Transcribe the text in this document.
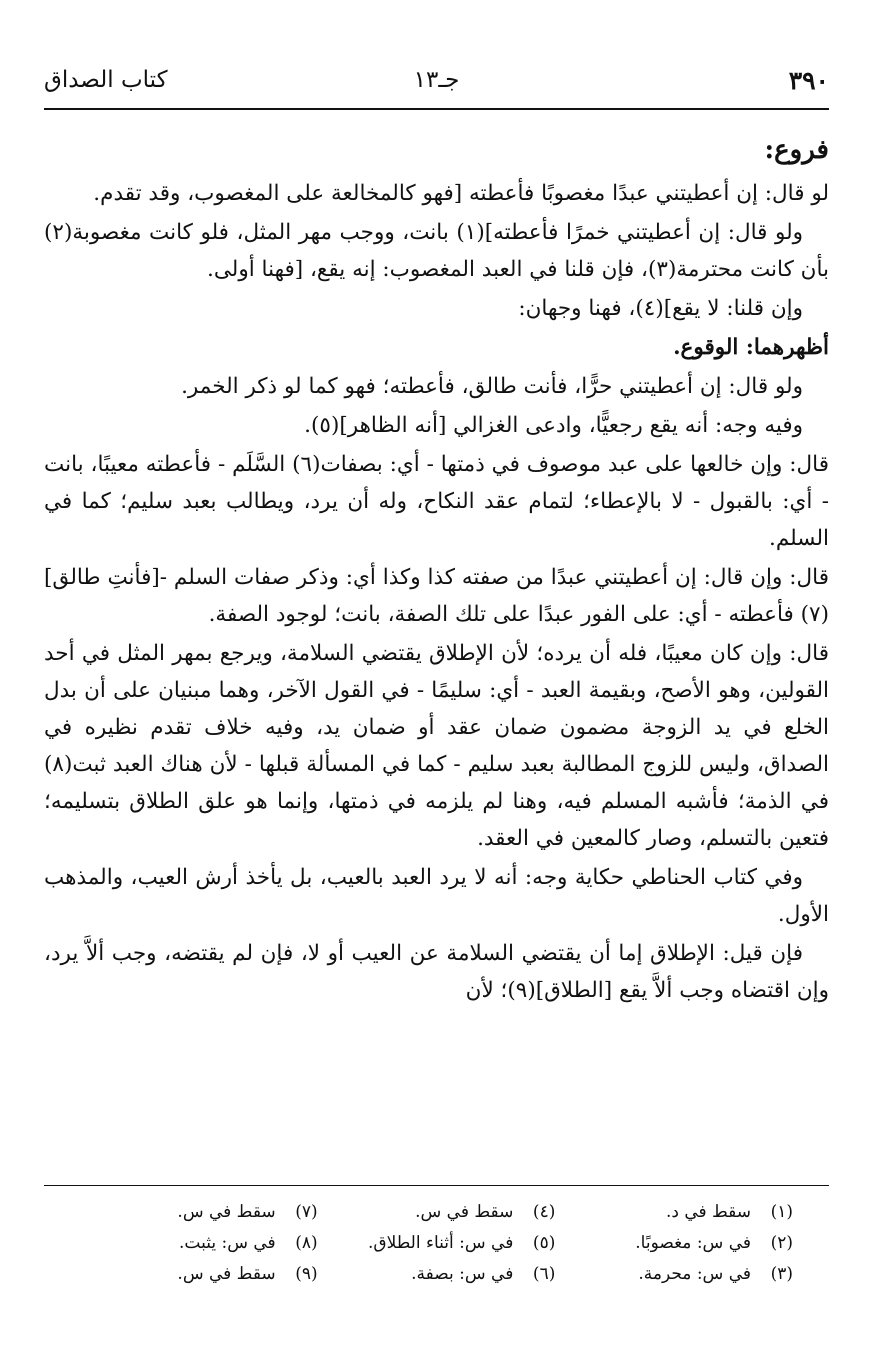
٣٩٠
جـ١٣
كتاب الصداق

فروع:

لو قال: إن أعطيتني عبدًا مغصوبًا فأعطته [فهو كالمخالعة على المغصوب، وقد تقدم.

ولو قال: إن أعطيتني خمرًا فأعطته](١) بانت، ووجب مهر المثل، فلو كانت مغصوبة(٢) بأن كانت محترمة(٣)، فإن قلنا في العبد المغصوب: إنه يقع، [فهنا أولى.

وإن قلنا: لا يقع](٤)، فهنا وجهان:

أظهرهما: الوقوع.

ولو قال: إن أعطيتني حرًّا، فأنت طالق، فأعطته؛ فهو كما لو ذكر الخمر.

وفيه وجه: أنه يقع رجعيًّا، وادعى الغزالي [أنه الظاهر](٥).

قال: وإن خالعها على عبد موصوف في ذمتها - أي: بصفات(٦) السَّلَم - فأعطته معيبًا، بانت - أي: بالقبول - لا بالإعطاء؛ لتمام عقد النكاح، وله أن يرد، ويطالب بعبد سليم؛ كما في السلم.

قال: وإن قال: إن أعطيتني عبدًا من صفته كذا وكذا أي: وذكر صفات السلم -[فأنتِ طالق](٧) فأعطته - أي: على الفور عبدًا على تلك الصفة، بانت؛ لوجود الصفة.

قال: وإن كان معيبًا، فله أن يرده؛ لأن الإطلاق يقتضي السلامة، ويرجع بمهر المثل في أحد القولين، وهو الأصح، وبقيمة العبد - أي: سليمًا - في القول الآخر، وهما مبنيان على أن بدل الخلع في يد الزوجة مضمون ضمان عقد أو ضمان يد، وفيه خلاف تقدم نظيره في الصداق، وليس للزوج المطالبة بعبد سليم - كما في المسألة قبلها - لأن هناك العبد ثبت(٨) في الذمة؛ فأشبه المسلم فيه، وهنا لم يلزمه في ذمتها، وإنما هو علق الطلاق بتسليمه؛ فتعين بالتسلم، وصار كالمعين في العقد.

وفي كتاب الحناطي حكاية وجه: أنه لا يرد العبد بالعيب، بل يأخذ أرش العيب، والمذهب الأول.

فإن قيل: الإطلاق إما أن يقتضي السلامة عن العيب أو لا، فإن لم يقتضه، وجب ألاَّ يرد، وإن اقتضاه وجب ألاَّ يقع [الطلاق](٩)؛ لأن

(١)سقط في د.
(٤)سقط في س.
(٧)سقط في س.
(٢)في س: مغصوبًا.
(٥)في س: أثناء الطلاق.
(٨)في س: يثبت.
(٣)في س: محرمة.
(٦)في س: بصفة.
(٩)سقط في س.
